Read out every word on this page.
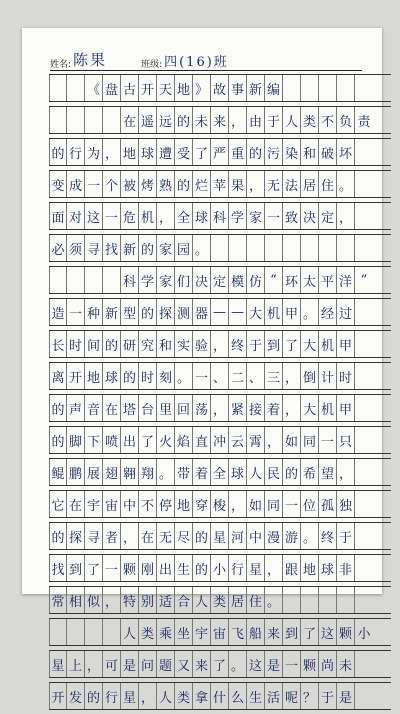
姓名: 陈果	班级: 四(16)班
《 盘 古 开 天 地 》 故 事 新 编
在 遥 远 的 未 来 ， 由 于 人 类 不 负 责
的 行 为 ， 地 球 遭 受 了 严 重 的 污 染 和 破 坏
变 成 一 个 被 烤 熟 的 烂 苹 果 ， 无 法 居 住 。
面 对 这 一 危 机 ， 全 球 科 学 家 一 致 决 定 ，
必 须 寻 找 新 的 家 园 。
科 学 家 们 决 定 模 仿 “ 环 太 平 洋 ”
造 一 种 新 型 的 探 测 器 — — 大 机 甲 。 经 过
长 时 间 的 研 究 和 实 验 ， 终 于 到 了 大 机 甲
离 开 地 球 的 时 刻 。 一 、 二 、 三 ， 倒 计 时
的 声 音 在 塔 台 里 回 荡 ， 紧 接 着 ， 大 机 甲
的 脚 下 喷 出 了 火 焰 直 冲 云 霄 ， 如 同 一 只
鲲 鹏 展 翅 翱 翔 。 带 着 全 球 人 民 的 希 望 ，
它 在 宇 宙 中 不 停 地 穿 梭 ， 如 同 一 位 孤 独
的 探 寻 者 ， 在 无 尽 的 星 河 中 漫 游 。 终 于
找 到 了 一 颗 刚 出 生 的 小 行 星 ， 跟 地 球 非
常 相 似 ， 特 别 适 合 人 类 居 住 。
人 类 乘 坐 宇 宙 飞 船 来 到 了 这 颗 小
星 上 ， 可 是 问 题 又 来 了 。 这 是 一 颗 尚 未
开 发 的 行 星 ， 人 类 拿 什 么 生 活 呢 ？ 于 是
